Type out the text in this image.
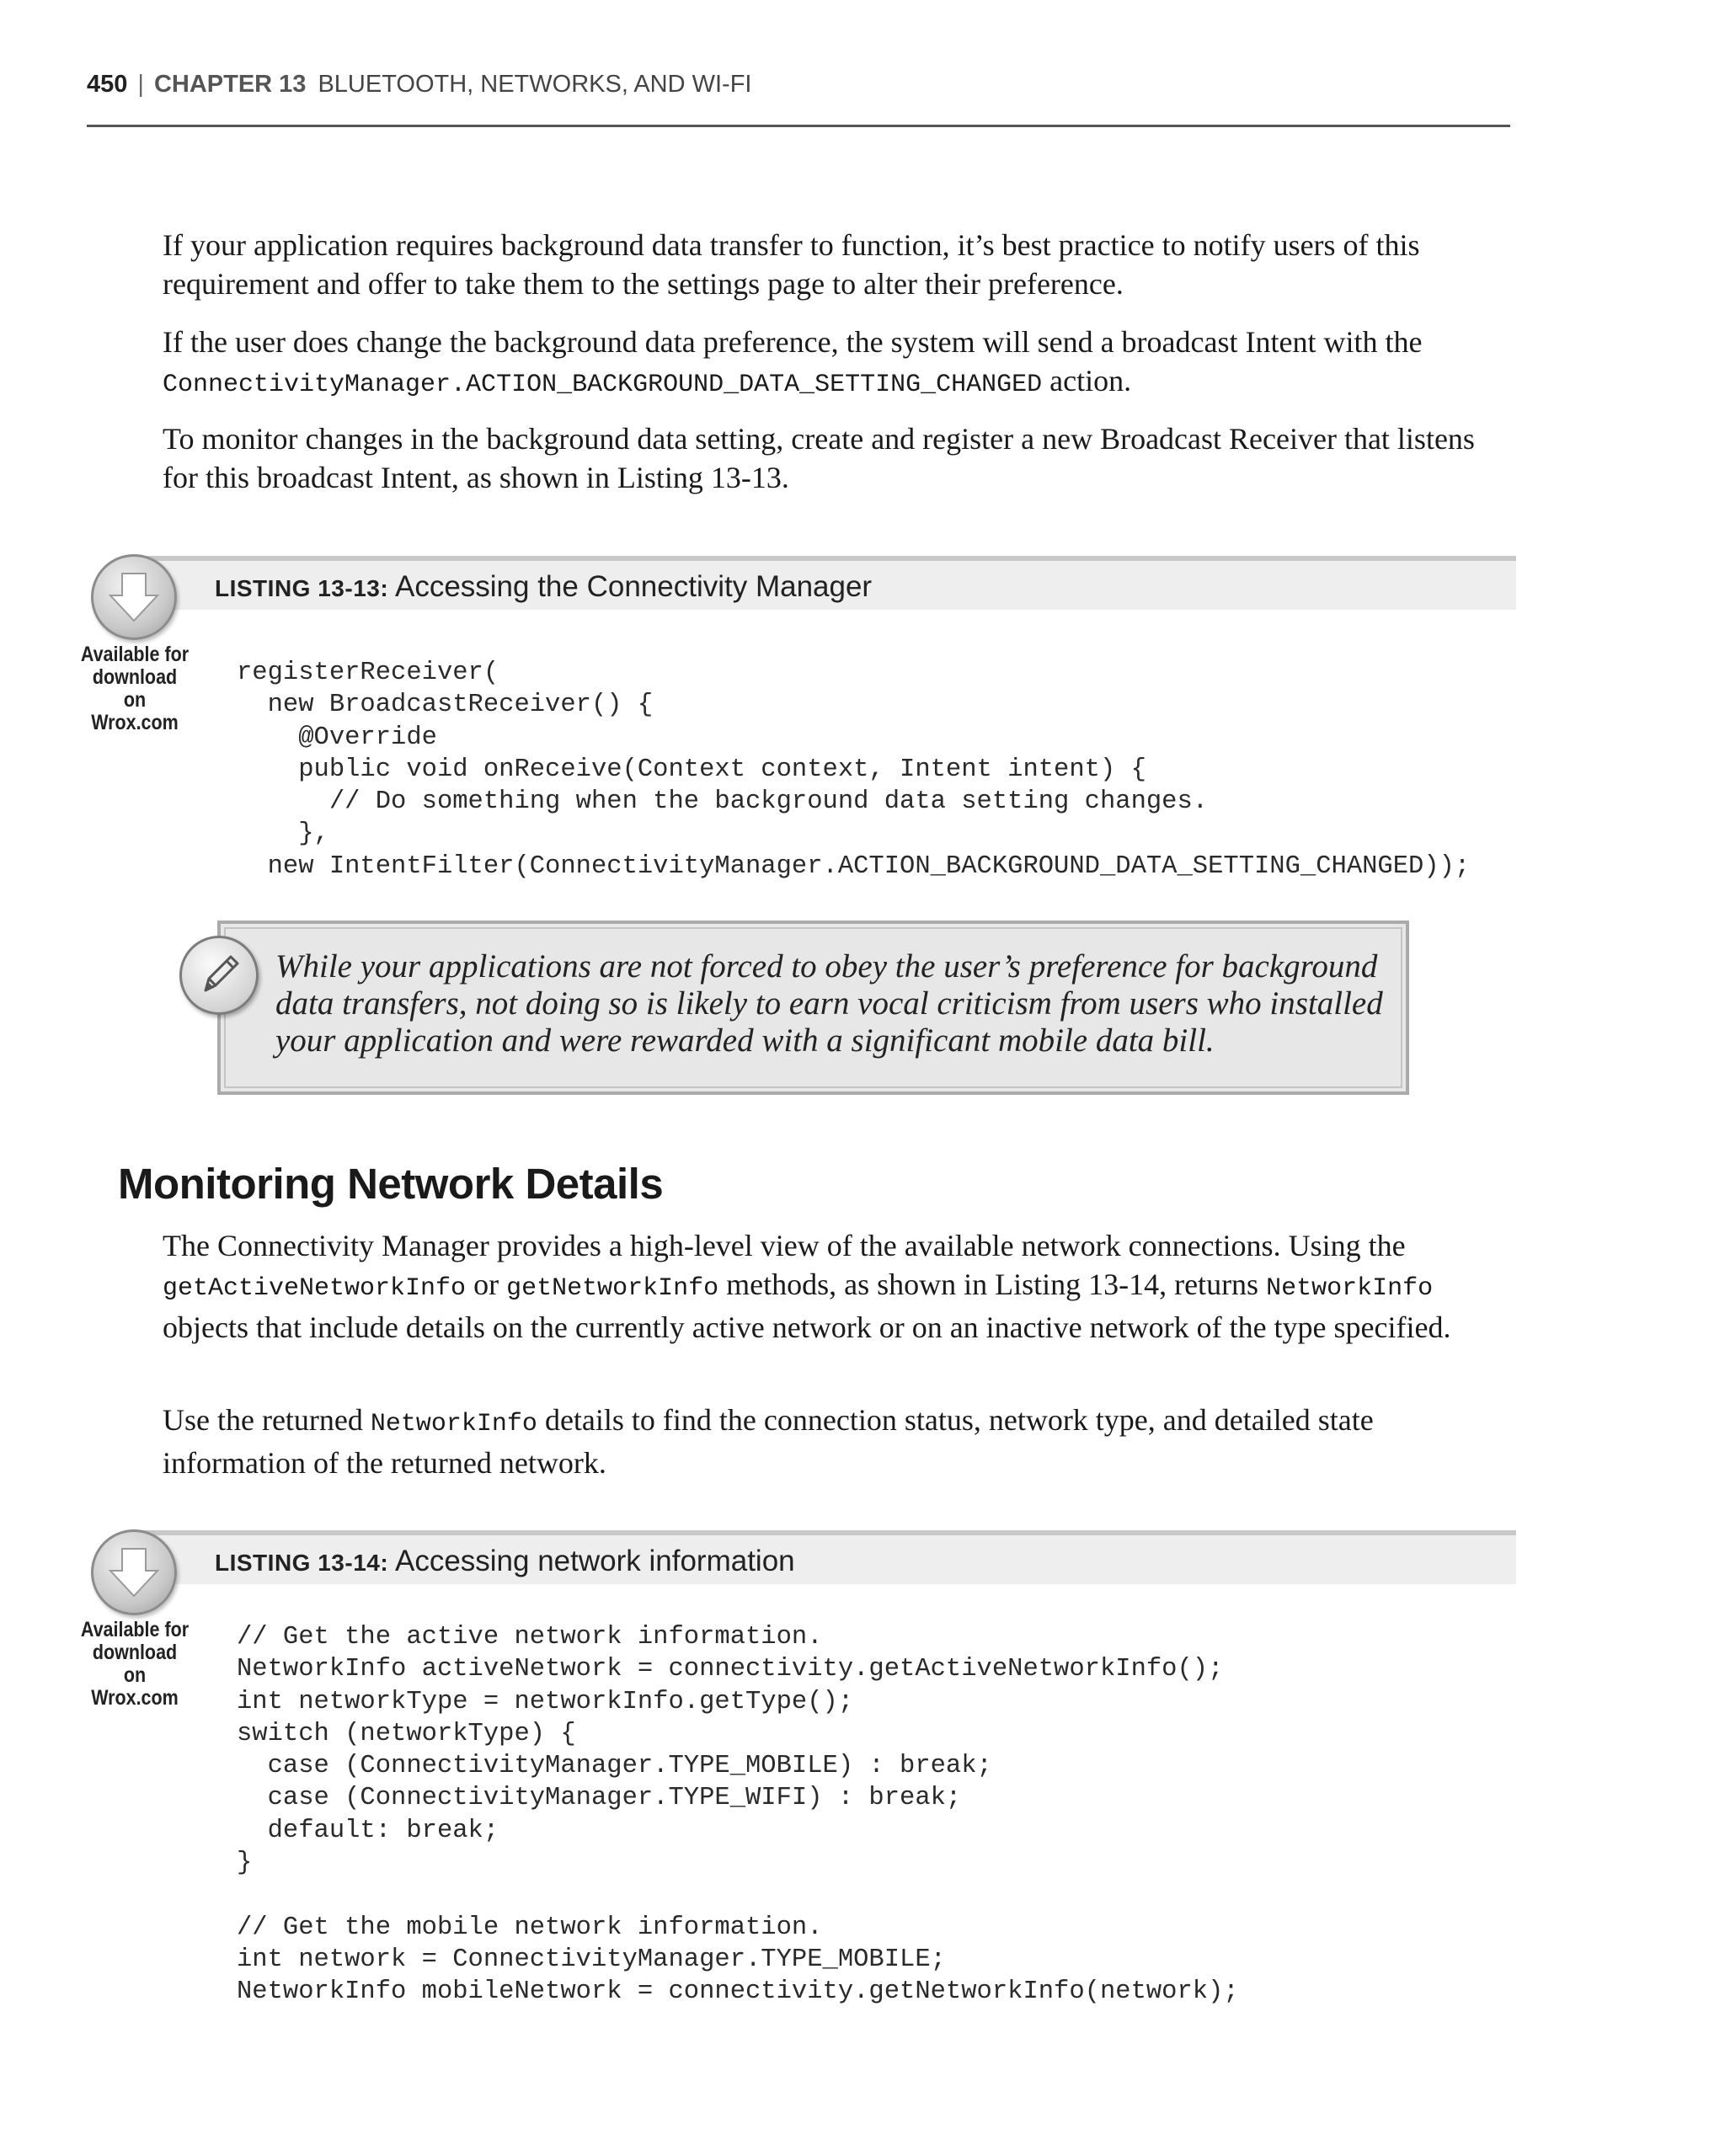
450 | CHAPTER 13 BLUETOOTH, NETWORKS, AND WI-FI

If your application requires background data transfer to function, it’s best practice to notify users of this requirement and offer to take them to the settings page to alter their preference.

If the user does change the background data preference, the system will send a broadcast Intent with the ConnectivityManager.ACTION_BACKGROUND_DATA_SETTING_CHANGED action.

To monitor changes in the background data setting, create and register a new Broadcast Receiver that listens for this broadcast Intent, as shown in Listing 13-13.

LISTING 13-13: Accessing the Connectivity Manager
Available for
download on
Wrox.com
registerReceiver(
new BroadcastReceiver() {
@Override
public void onReceive(Context context, Intent intent) {
// Do something when the background data setting changes.
},
new IntentFilter(ConnectivityManager.ACTION_BACKGROUND_DATA_SETTING_CHANGED));

While your applications are not forced to obey the user’s preference for background data transfers, not doing so is likely to earn vocal criticism from users who installed your application and were rewarded with a significant mobile data bill.

Monitoring Network Details

The Connectivity Manager provides a high-level view of the available network connections. Using the getActiveNetworkInfo or getNetworkInfo methods, as shown in Listing 13-14, returns NetworkInfo objects that include details on the currently active network or on an inactive network of the type specified.

Use the returned NetworkInfo details to find the connection status, network type, and detailed state information of the returned network.

LISTING 13-14: Accessing network information
Available for
download on
Wrox.com
// Get the active network information.
NetworkInfo activeNetwork = connectivity.getActiveNetworkInfo();
int networkType = networkInfo.getType();
switch (networkType) {
case (ConnectivityManager.TYPE_MOBILE) : break;
case (ConnectivityManager.TYPE_WIFI) : break;
default: break;
}

// Get the mobile network information.
int network = ConnectivityManager.TYPE_MOBILE;
NetworkInfo mobileNetwork = connectivity.getNetworkInfo(network);
